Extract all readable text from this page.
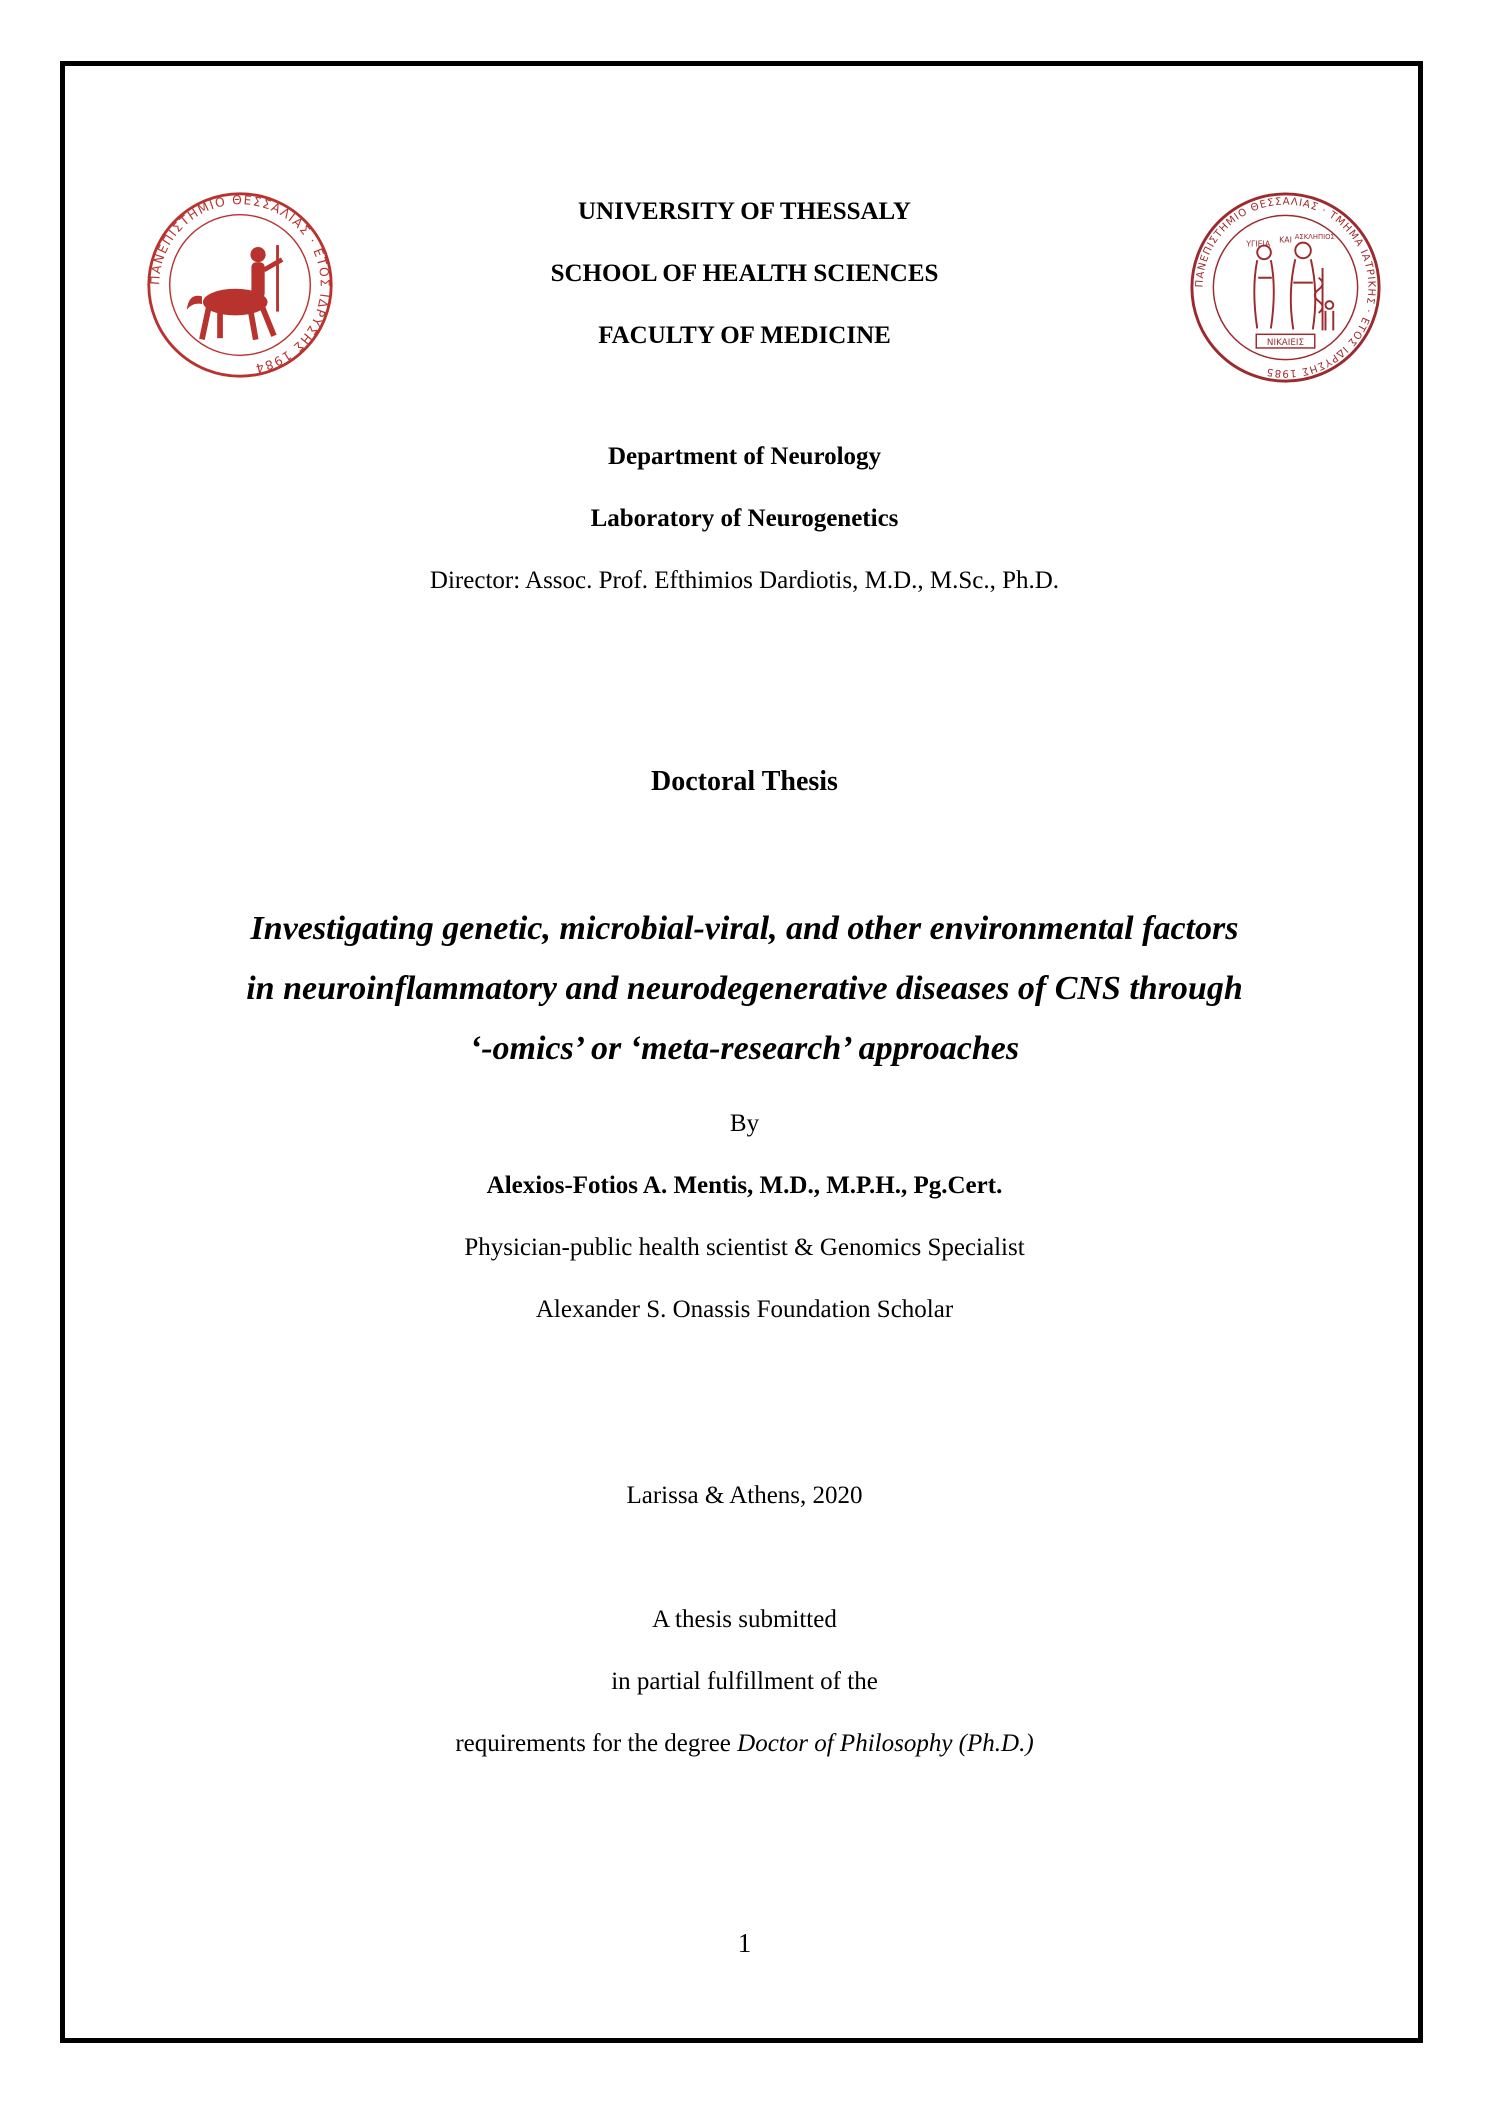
ΠΑΝΕΠΙΣΤΗΜΙΟ ΘΕΣΣΑΛΙΑΣ · ΕΤΟΣ ΙΔΡΥΣΗΣ 1984
ΠΑΝΕΠΙΣΤΗΜΙΟ ΘΕΣΣΑΛΙΑΣ · ΤΜΗΜΑ ΙΑΤΡΙΚΗΣ · ΕΤΟΣ ΙΔΡΥΣΗΣ 1985
ΥΓΙΕΙΑ ΚΑΙ ΑΣΚΛΗΠΙΟΣ
ΝΙΚΑΙΕΙΣ
UNIVERSITY OF THESSALY
SCHOOL OF HEALTH SCIENCES
FACULTY OF MEDICINE
Department of Neurology
Laboratory of Neurogenetics
Director: Assoc. Prof. Efthimios Dardiotis, M.D., M.Sc., Ph.D.
Doctoral Thesis
Investigating genetic, microbial-viral, and other environmental factors
in neuroinflammatory and neurodegenerative diseases of CNS through
‘-omics’ or ‘meta-research’ approaches
By
Alexios-Fotios A. Mentis, M.D., M.P.H., Pg.Cert.
Physician-public health scientist & Genomics Specialist
Alexander S. Onassis Foundation Scholar
Larissa & Athens, 2020
A thesis submitted
in partial fulfillment of the
requirements for the degree Doctor of Philosophy (Ph.D.)
1
